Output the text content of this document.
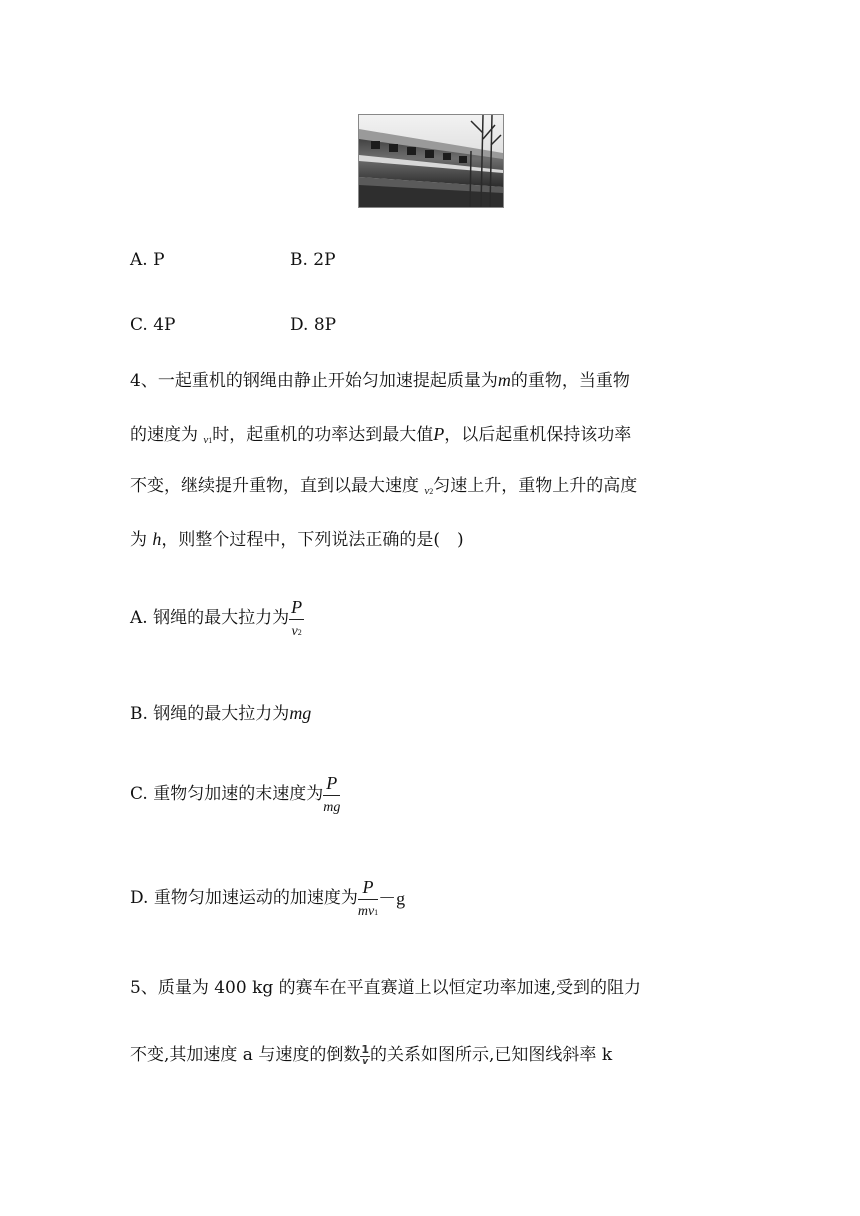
A. P	B. 2P
C. 4P	D. 8P
4、一起重机的钢绳由静止开始匀加速提起质量为m的重物，当重物
的速度为 $_{v1}$时，起重机的功率达到最大值P，以后起重机保持该功率
不变，继续提升重物，直到以最大速度 $_{v2}$匀速上升，重物上升的高度
为 h，则整个过程中，下列说法正确的是(　)
A. 钢绳的最大拉力为 $\frac{P}{v2}$
B. 钢绳的最大拉力为mg
C. 重物匀加速的末速度为 $\frac{P}{mg}$
D. 重物匀加速运动的加速度为 $\frac{P}{mv1} -g$
5、质量为 400 kg 的赛车在平直赛道上以恒定功率加速,受到的阻力
不变,其加速度 a 与速度的倒数 $\frac{1}{v}$ 的关系如图所示,已知图线斜率 k
